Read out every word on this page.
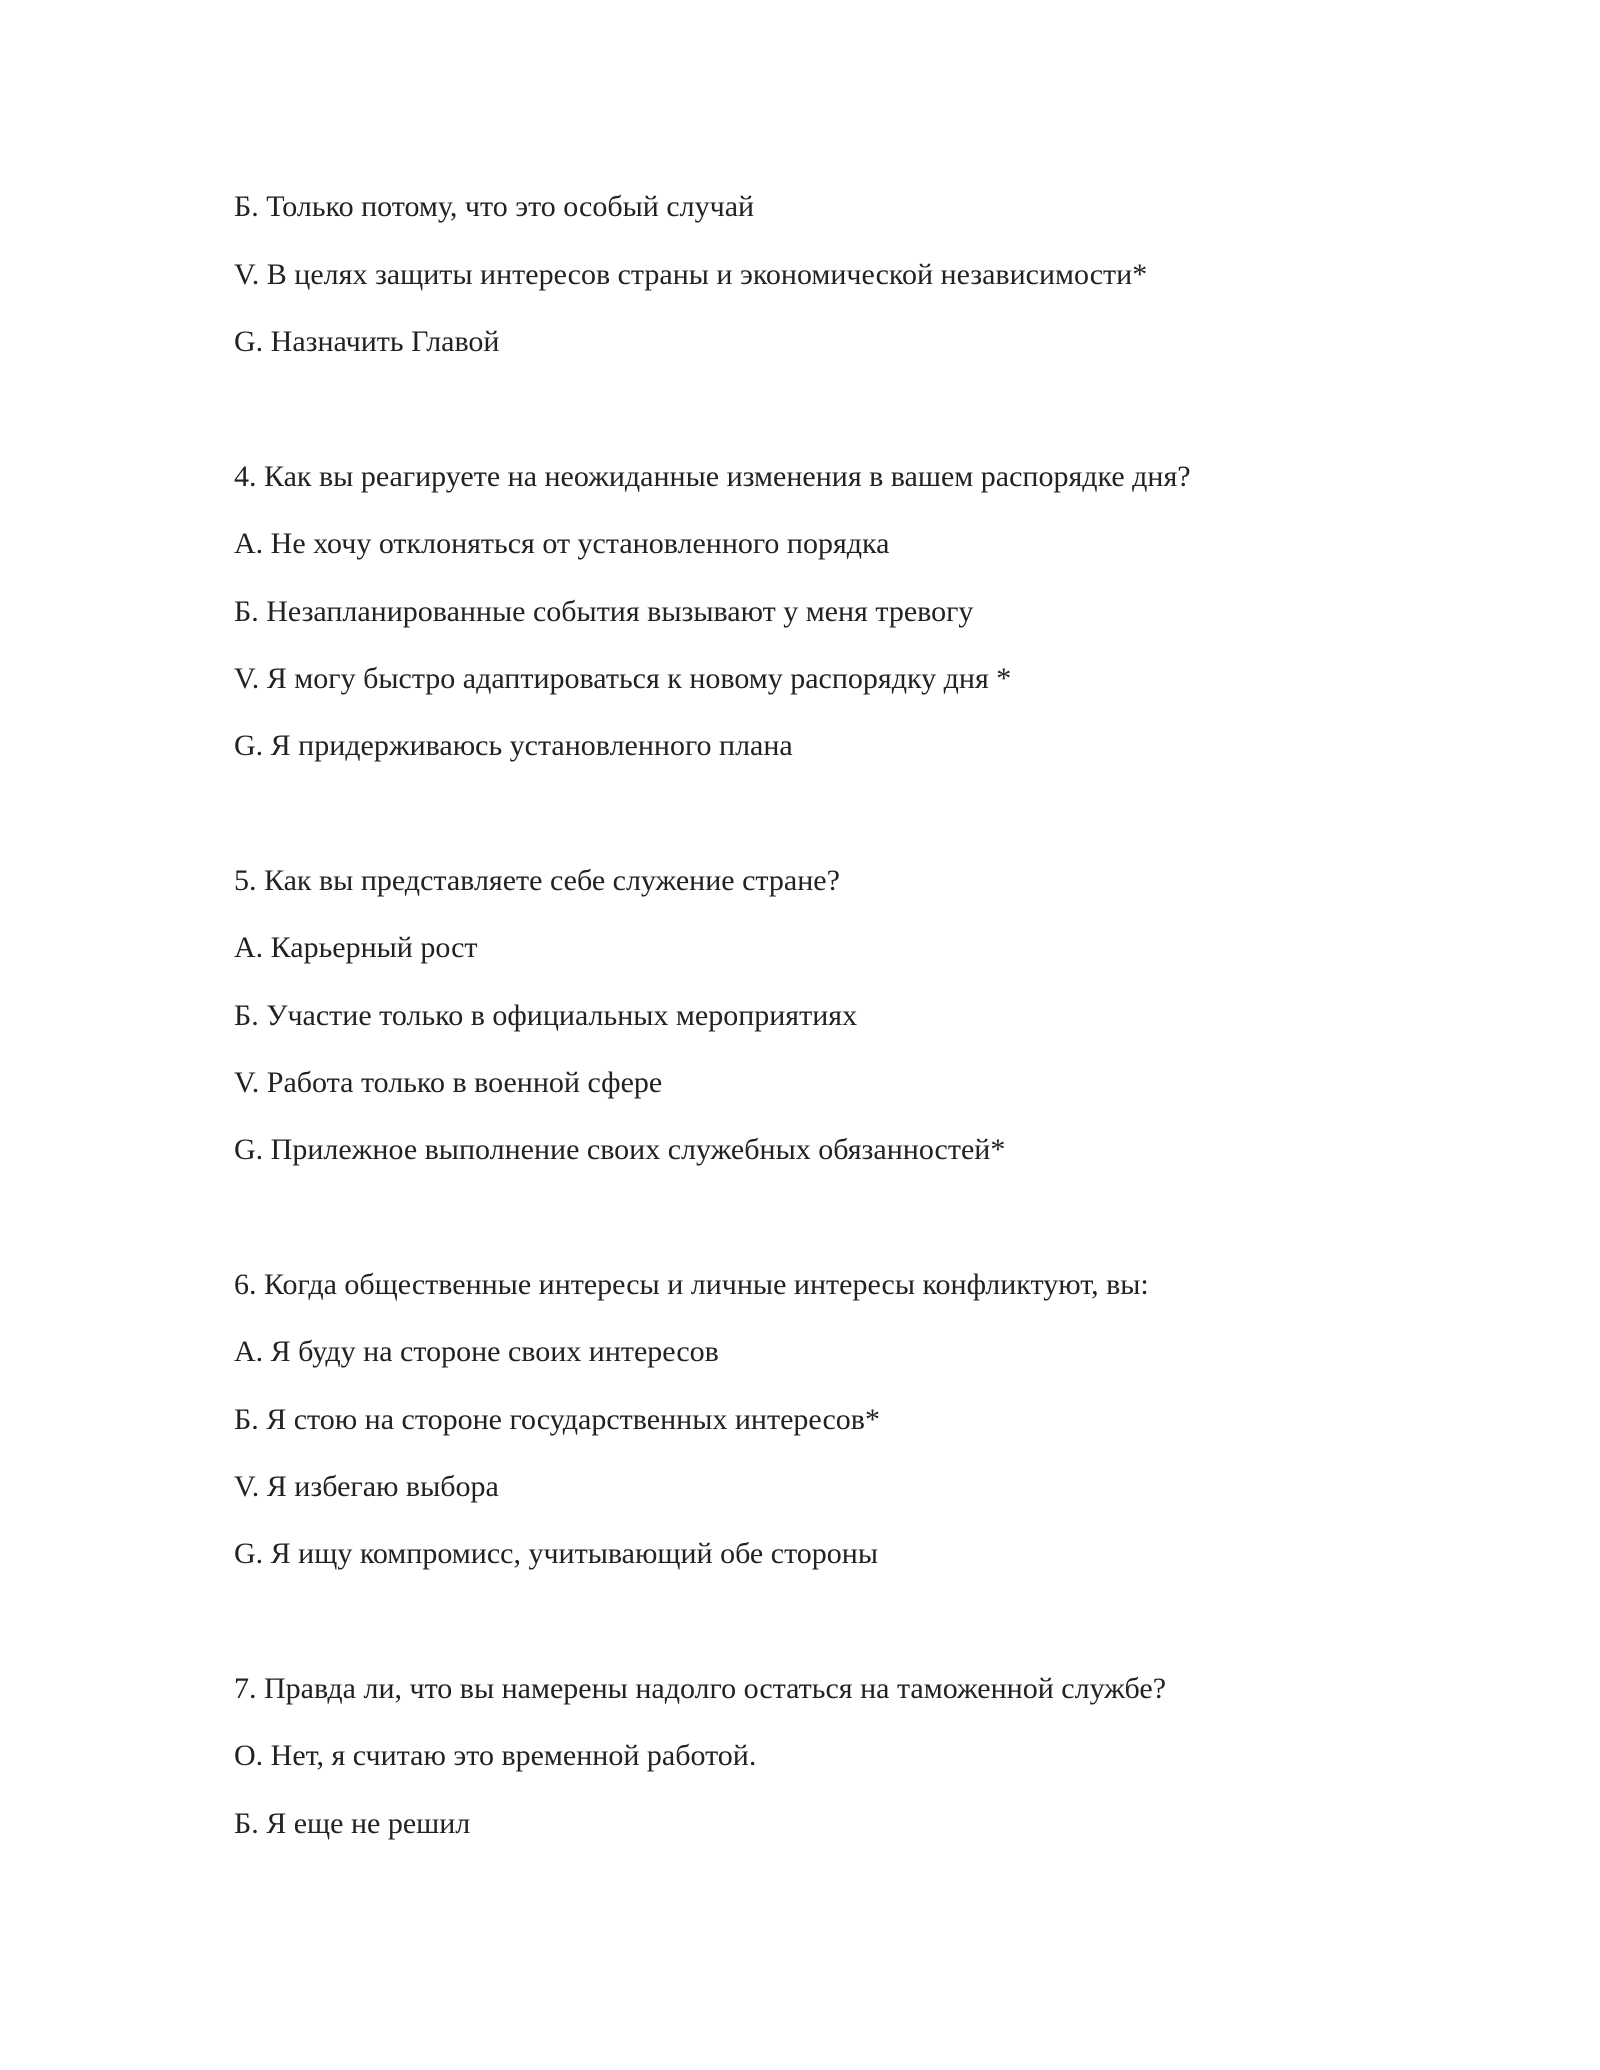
Б. Только потому, что это особый случай
V. В целях защиты интересов страны и экономической независимости*
G. Назначить Главой
4. Как вы реагируете на неожиданные изменения в вашем распорядке дня?
А. Не хочу отклоняться от установленного порядка
Б. Незапланированные события вызывают у меня тревогу
V. Я могу быстро адаптироваться к новому распорядку дня *
G. Я придерживаюсь установленного плана
5. Как вы представляете себе служение стране?
А. Карьерный рост
Б. Участие только в официальных мероприятиях
V. Работа только в военной сфере
G. Прилежное выполнение своих служебных обязанностей*
6. Когда общественные интересы и личные интересы конфликтуют, вы:
А. Я буду на стороне своих интересов
Б. Я стою на стороне государственных интересов*
V. Я избегаю выбора
G. Я ищу компромисс, учитывающий обе стороны
7. Правда ли, что вы намерены надолго остаться на таможенной службе?
О. Нет, я считаю это временной работой.
Б. Я еще не решил
